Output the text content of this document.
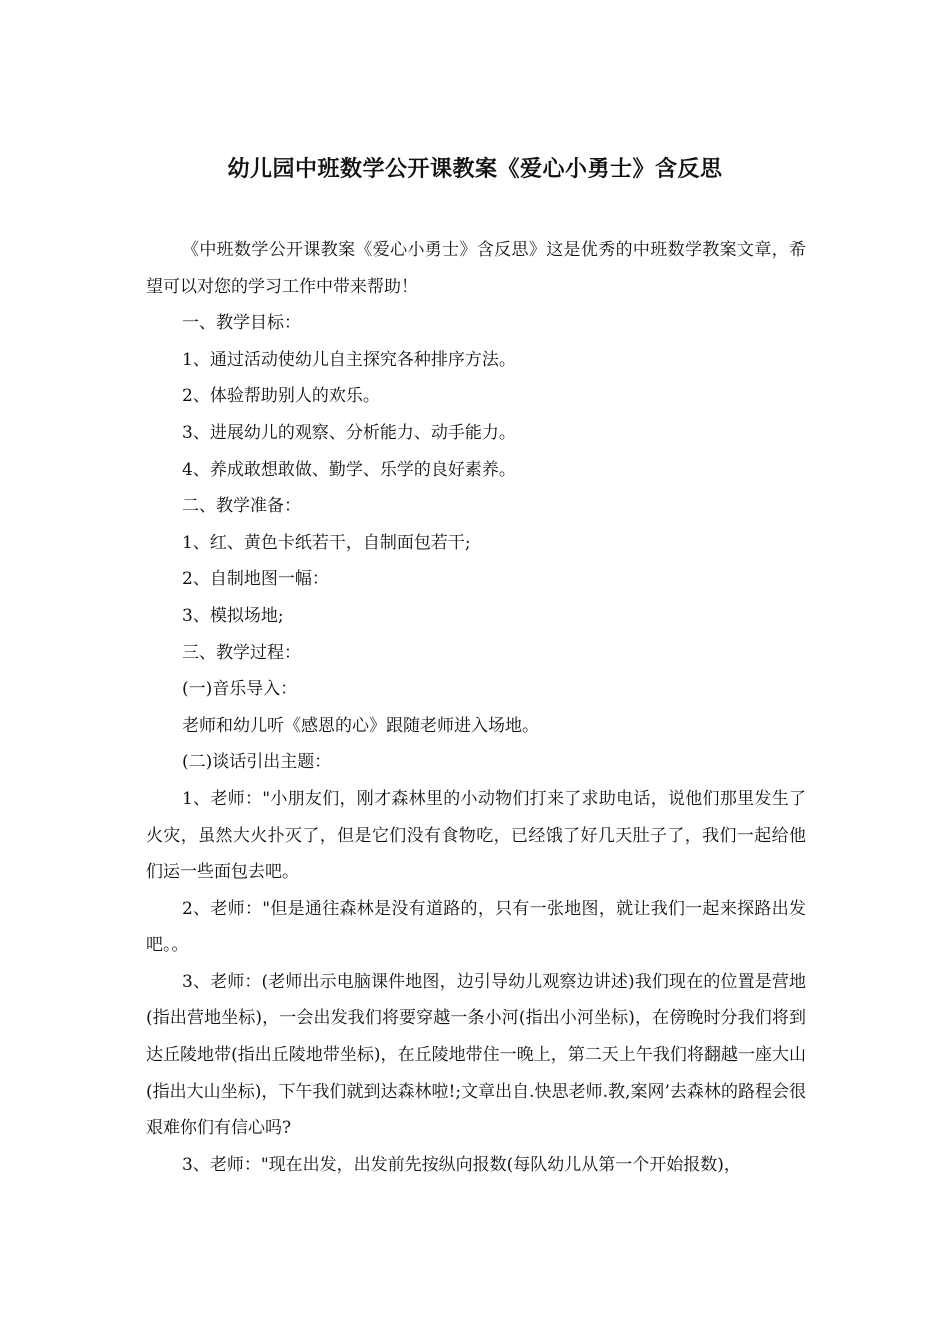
幼儿园中班数学公开课教案《爱心小勇士》含反思

《中班数学公开课教案《爱心小勇士》含反思》这是优秀的中班数学教案文章，希望可以对您的学习工作中带来帮助！

一、教学目标：

1、通过活动使幼儿自主探究各种排序方法。

2、体验帮助别人的欢乐。

3、进展幼儿的观察、分析能力、动手能力。

4、养成敢想敢做、勤学、乐学的良好素养。

二、教学准备：

1、红、黄色卡纸若干，自制面包若干;

2、自制地图一幅：

3、模拟场地;

三、教学过程：

(一)音乐导入：

老师和幼儿听《感恩的心》跟随老师进入场地。

(二)谈话引出主题：

1、老师："小朋友们，刚才森林里的小动物们打来了求助电话，说他们那里发生了火灾，虽然大火扑灭了，但是它们没有食物吃，已经饿了好几天肚子了，我们一起给他们运一些面包去吧。

2、老师："但是通往森林是没有道路的，只有一张地图，就让我们一起来探路出发吧。。

3、老师：(老师出示电脑课件地图，边引导幼儿观察边讲述)我们现在的位置是营地(指出营地坐标)，一会出发我们将要穿越一条小河(指出小河坐标)，在傍晚时分我们将到达丘陵地带(指出丘陵地带坐标)，在丘陵地带住一晚上，第二天上午我们将翻越一座大山(指出大山坐标)，下午我们就到达森林啦!;文章出自.快思老师.教,案网’去森林的路程会很艰难你们有信心吗?

3、老师："现在出发，出发前先按纵向报数(每队幼儿从第一个开始报数)，
